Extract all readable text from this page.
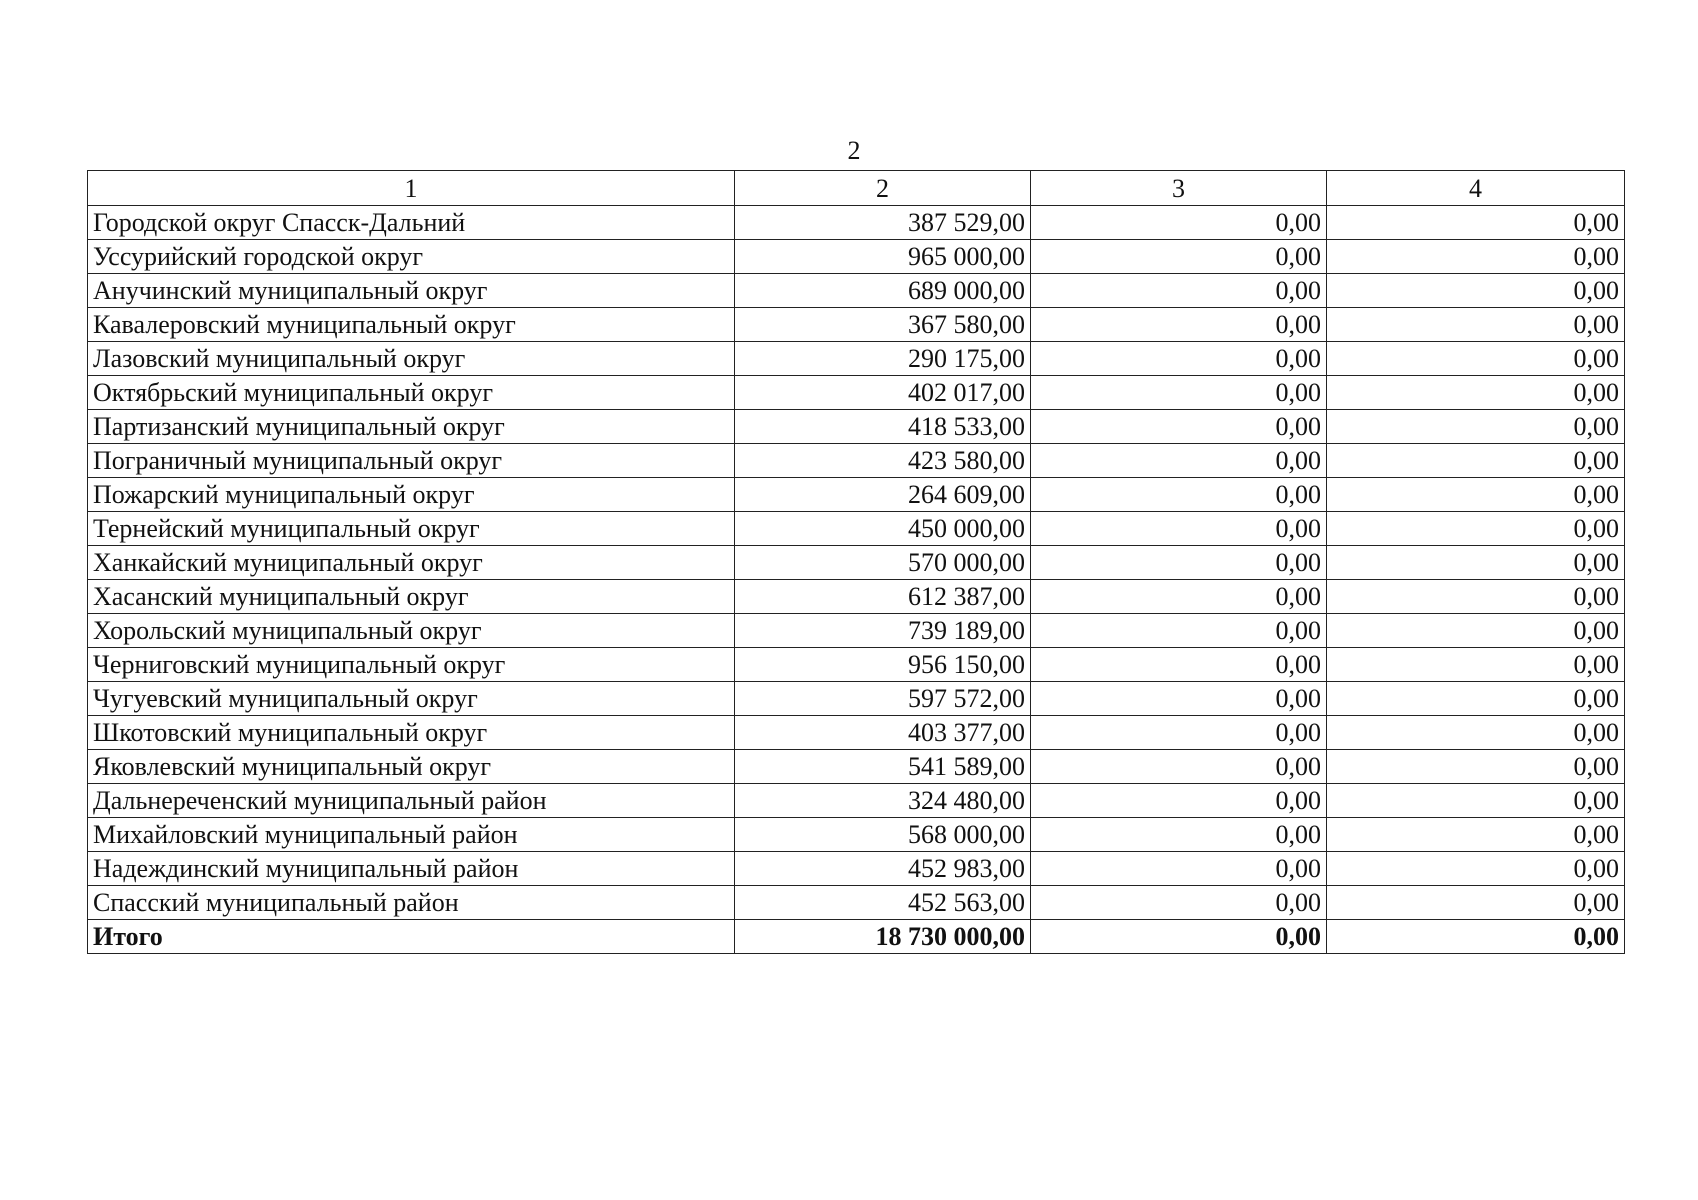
2
1	2	3	4
Городской округ Спасск-Дальний	387 529,00	0,00	0,00
Уссурийский городской округ	965 000,00	0,00	0,00
Анучинский муниципальный округ	689 000,00	0,00	0,00
Кавалеровский муниципальный округ	367 580,00	0,00	0,00
Лазовский муниципальный округ	290 175,00	0,00	0,00
Октябрьский муниципальный округ	402 017,00	0,00	0,00
Партизанский муниципальный округ	418 533,00	0,00	0,00
Пограничный муниципальный округ	423 580,00	0,00	0,00
Пожарский муниципальный округ	264 609,00	0,00	0,00
Тернейский муниципальный округ	450 000,00	0,00	0,00
Ханкайский муниципальный округ	570 000,00	0,00	0,00
Хасанский муниципальный округ	612 387,00	0,00	0,00
Хорольский муниципальный округ	739 189,00	0,00	0,00
Черниговский муниципальный округ	956 150,00	0,00	0,00
Чугуевский муниципальный округ	597 572,00	0,00	0,00
Шкотовский муниципальный округ	403 377,00	0,00	0,00
Яковлевский муниципальный округ	541 589,00	0,00	0,00
Дальнереченский муниципальный район	324 480,00	0,00	0,00
Михайловский муниципальный район	568 000,00	0,00	0,00
Надеждинский муниципальный район	452 983,00	0,00	0,00
Спасский муниципальный район	452 563,00	0,00	0,00
Итого	18 730 000,00	0,00	0,00
